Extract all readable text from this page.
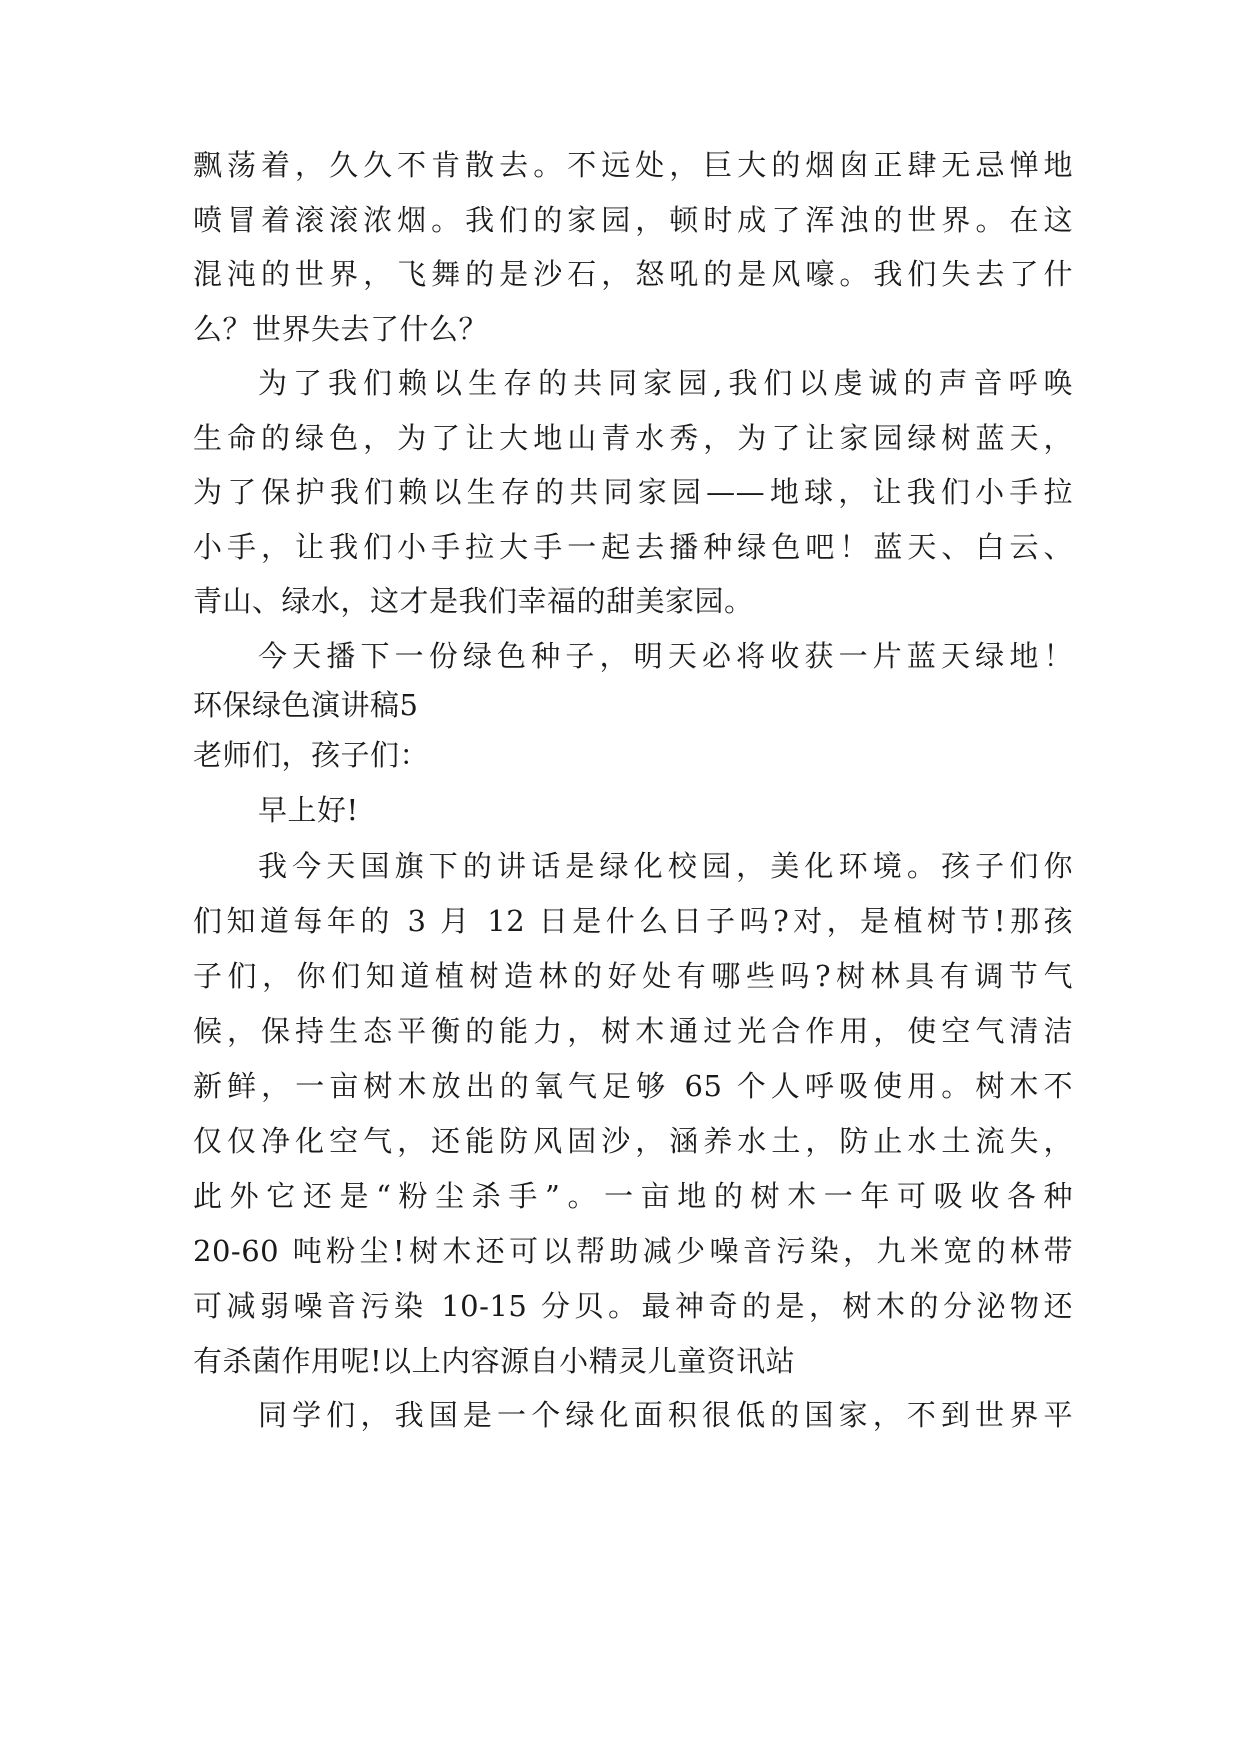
飘荡着，久久不肯散去。不远处，巨大的烟囱正肆无忌惮地
喷冒着滚滚浓烟。我们的家园，顿时成了浑浊的世界。在这
混沌的世界，飞舞的是沙石，怒吼的是风嚎。我们失去了什
么？世界失去了什么？
为了我们赖以生存的共同家园,我们以虔诚的声音呼唤
生命的绿色，为了让大地山青水秀，为了让家园绿树蓝天，
为了保护我们赖以生存的共同家园——地球，让我们小手拉
小手，让我们小手拉大手一起去播种绿色吧！蓝天、白云、
青山、绿水，这才是我们幸福的甜美家园。
今天播下一份绿色种子，明天必将收获一片蓝天绿地！
环保绿色演讲稿5
老师们，孩子们：
早上好!
我今天国旗下的讲话是绿化校园，美化环境。孩子们你
们知道每年的 3 月 12 日是什么日子吗?对，是植树节!那孩
子们，你们知道植树造林的好处有哪些吗?树林具有调节气
候，保持生态平衡的能力，树木通过光合作用，使空气清洁
新鲜，一亩树木放出的氧气足够 65 个人呼吸使用。树木不
仅仅净化空气，还能防风固沙，涵养水土，防止水土流失，
此外它还是“粉尘杀手”。一亩地的树木一年可吸收各种
20-60 吨粉尘!树木还可以帮助减少噪音污染，九米宽的林带
可减弱噪音污染 10-15 分贝。最神奇的是，树木的分泌物还
有杀菌作用呢!以上内容源自小精灵儿童资讯站
同学们，我国是一个绿化面积很低的国家，不到世界平
